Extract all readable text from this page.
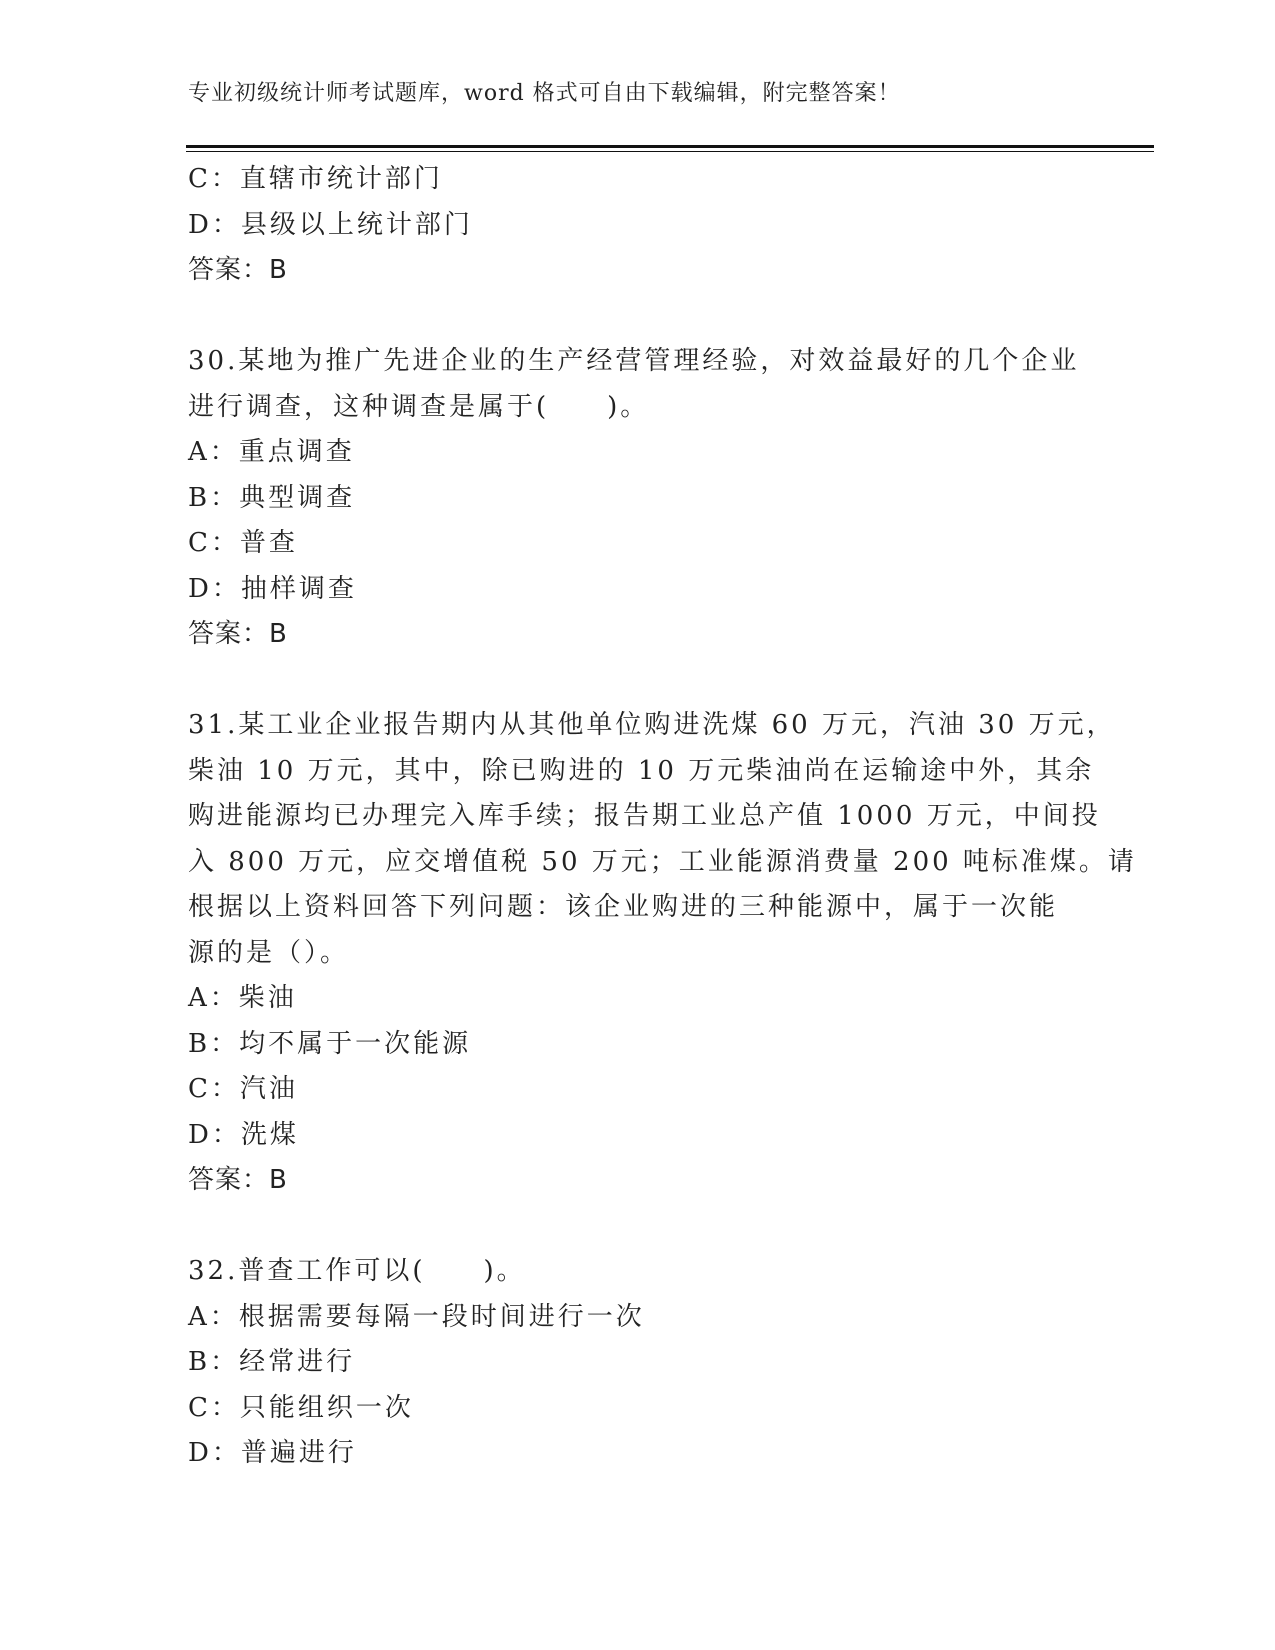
专业初级统计师考试题库，word 格式可自由下载编辑，附完整答案！
C：直辖市统计部门
D：县级以上统计部门
答案：B
30.某地为推广先进企业的生产经营管理经验，对效益最好的几个企业
进行调查，这种调查是属于(　　)。
A：重点调查
B：典型调查
C：普查
D：抽样调查
答案：B
31.某工业企业报告期内从其他单位购进洗煤 60 万元，汽油 30 万元，
柴油 10 万元，其中，除已购进的 10 万元柴油尚在运输途中外，其余
购进能源均已办理完入库手续；报告期工业总产值 1000 万元，中间投
入 800 万元，应交增值税 50 万元；工业能源消费量 200 吨标准煤。请
根据以上资料回答下列问题：该企业购进的三种能源中，属于一次能
源的是（）。
A：柴油
B：均不属于一次能源
C：汽油
D：洗煤
答案：B
32.普查工作可以(　　)。
A：根据需要每隔一段时间进行一次
B：经常进行
C：只能组织一次
D：普遍进行
